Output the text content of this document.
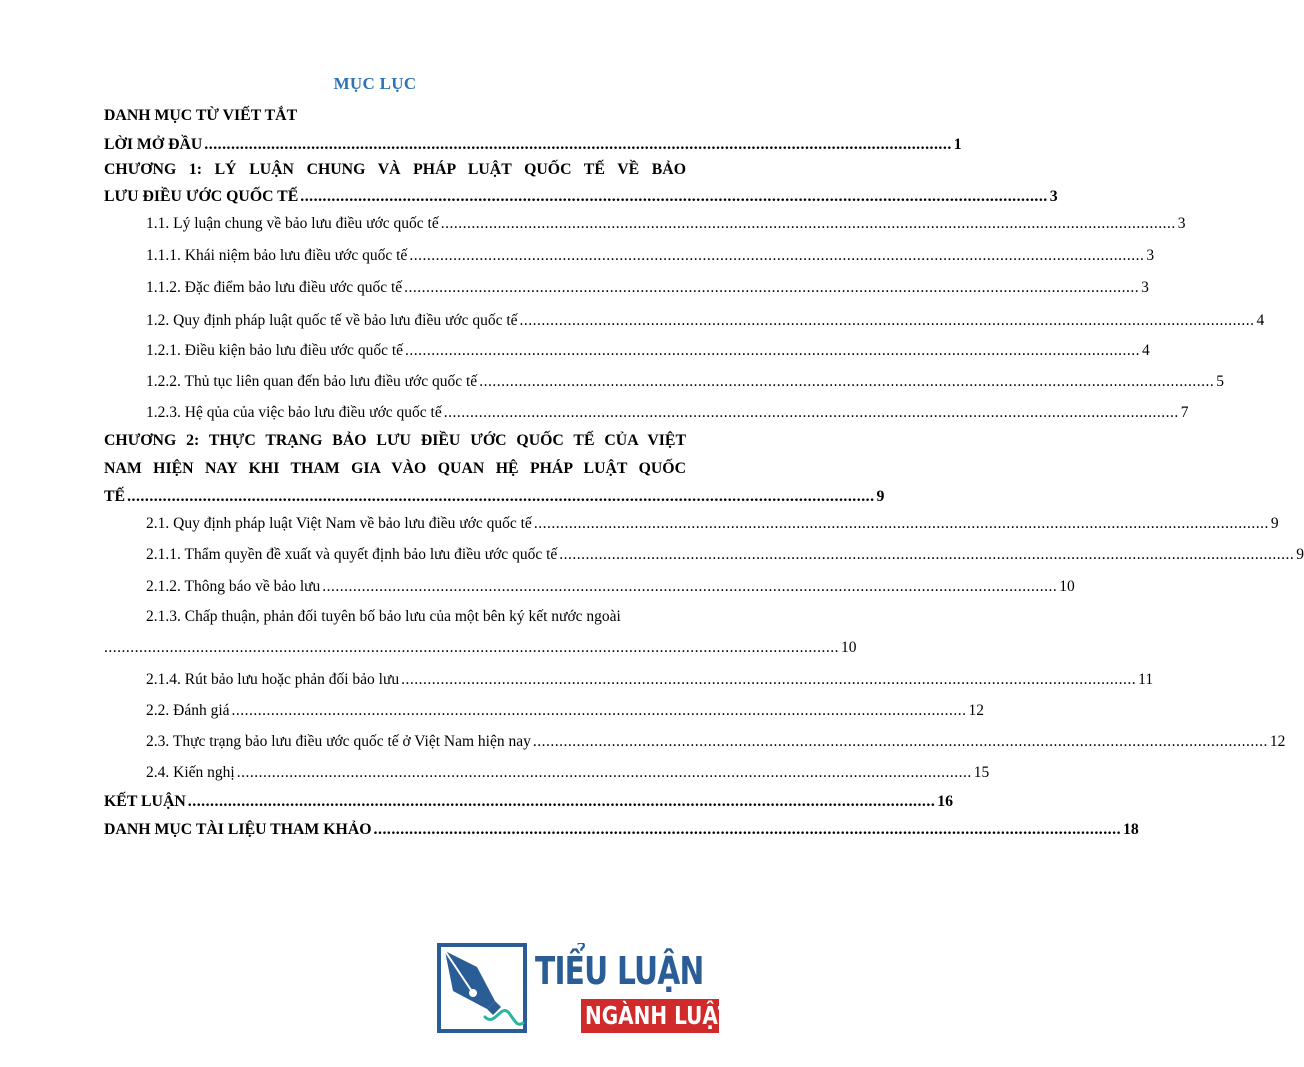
MỤC LỤC
DANH MỤC TỪ VIẾT TẮT
LỜI MỞ ĐẦU ........................................................................................................................................................................ 1
CHƯƠNG 1: LÝ LUẬN CHUNG VÀ PHÁP LUẬT QUỐC TẾ VỀ BẢO
LƯU ĐIỀU ƯỚC QUỐC TẾ ........................................................................................................................................................................ 3
1.1. Lý luận chung về bảo lưu điều ước quốc tế ........................................................................................................................................................................ 3
1.1.1. Khái niệm bảo lưu điều ước quốc tế ........................................................................................................................................................................ 3
1.1.2. Đặc điểm bảo lưu điều ước quốc tế ........................................................................................................................................................................ 3
1.2. Quy định pháp luật quốc tế về bảo lưu điều ước quốc tế ........................................................................................................................................................................ 4
1.2.1. Điều kiện bảo lưu điều ước quốc tế ........................................................................................................................................................................ 4
1.2.2. Thủ tục liên quan đến bảo lưu điều ước quốc tế ........................................................................................................................................................................ 5
1.2.3. Hệ qủa của việc bảo lưu điều ước quốc tế ........................................................................................................................................................................ 7
CHƯƠNG 2: THỰC TRẠNG BẢO LƯU ĐIỀU ƯỚC QUỐC TẾ CỦA VIỆT
NAM HIỆN NAY KHI THAM GIA VÀO QUAN HỆ PHÁP LUẬT QUỐC
TẾ ........................................................................................................................................................................ 9
2.1. Quy định pháp luật Việt Nam về bảo lưu điều ước quốc tế ........................................................................................................................................................................ 9
2.1.1. Thẩm quyền đề xuất và quyết định bảo lưu điều ước quốc tế ........................................................................................................................................................................ 9
2.1.2. Thông báo về bảo lưu ........................................................................................................................................................................ 10
2.1.3. Chấp thuận, phản đối tuyên bố bảo lưu của một bên ký kết nước ngoài
........................................................................................................................................................................ 10
2.1.4. Rút bảo lưu hoặc phản đối bảo lưu ........................................................................................................................................................................ 11
2.2. Đánh giá ........................................................................................................................................................................ 12
2.3. Thực trạng bảo lưu điều ước quốc tế ở Việt Nam hiện nay ........................................................................................................................................................................ 12
2.4. Kiến nghị ........................................................................................................................................................................ 15
KẾT LUẬN ........................................................................................................................................................................ 16
DANH MỤC TÀI LIỆU THAM KHẢO ........................................................................................................................................................................ 18
TIỂU LUẬN
NGÀNH LUẬT
